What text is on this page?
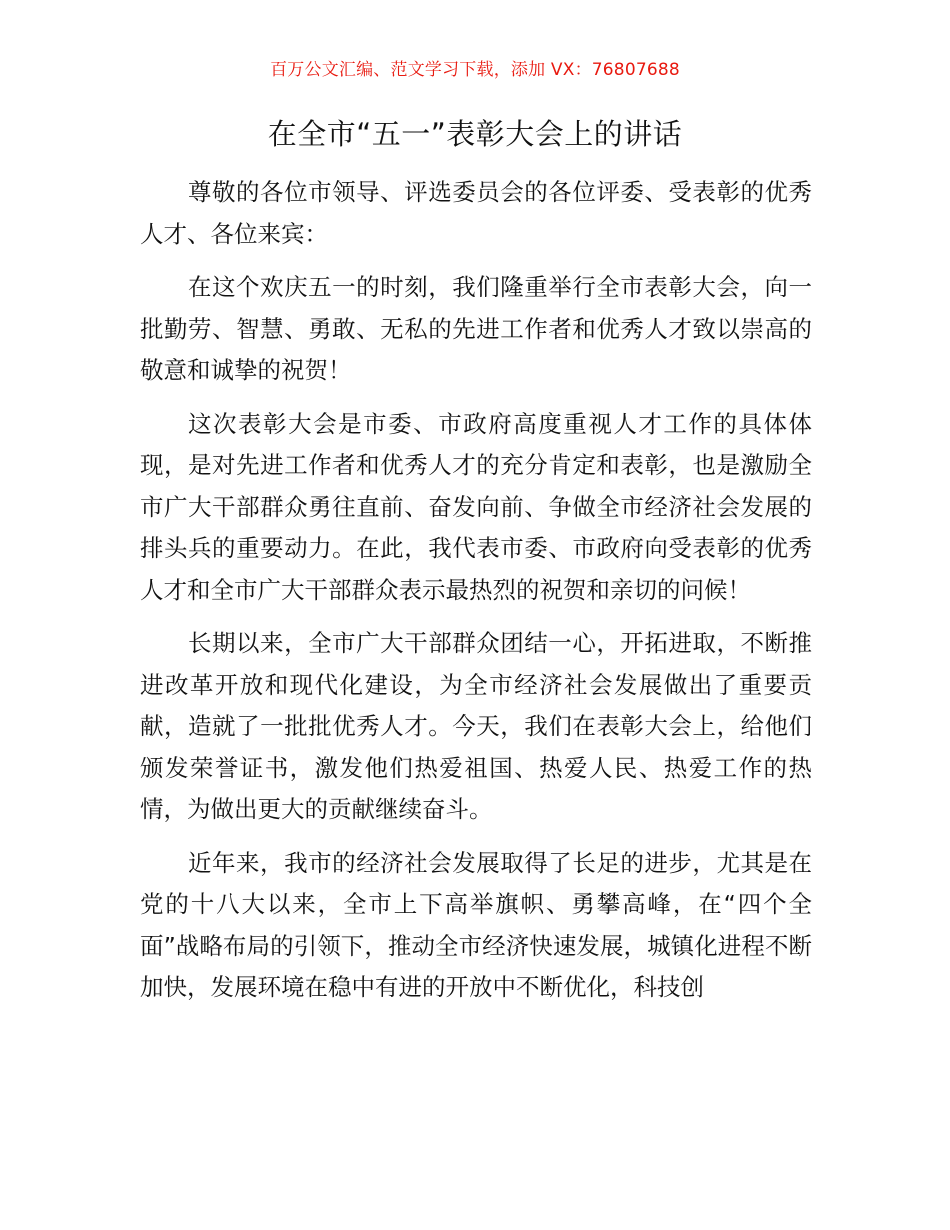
百万公文汇编、范文学习下载，添加 VX：76807688
在全市“五一”表彰大会上的讲话

尊敬的各位市领导、评选委员会的各位评委、受表彰的优秀人才、各位来宾：

在这个欢庆五一的时刻，我们隆重举行全市表彰大会，向一批勤劳、智慧、勇敢、无私的先进工作者和优秀人才致以崇高的敬意和诚挚的祝贺！

这次表彰大会是市委、市政府高度重视人才工作的具体体现，是对先进工作者和优秀人才的充分肯定和表彰，也是激励全市广大干部群众勇往直前、奋发向前、争做全市经济社会发展的排头兵的重要动力。在此，我代表市委、市政府向受表彰的优秀人才和全市广大干部群众表示最热烈的祝贺和亲切的问候！

长期以来，全市广大干部群众团结一心，开拓进取，不断推进改革开放和现代化建设，为全市经济社会发展做出了重要贡献，造就了一批批优秀人才。今天，我们在表彰大会上，给他们颁发荣誉证书，激发他们热爱祖国、热爱人民、热爱工作的热情，为做出更大的贡献继续奋斗。

近年来，我市的经济社会发展取得了长足的进步，尤其是在党的十八大以来，全市上下高举旗帜、勇攀高峰，在“四个全面”战略布局的引领下，推动全市经济快速发展，城镇化进程不断加快，发展环境在稳中有进的开放中不断优化，科技创
